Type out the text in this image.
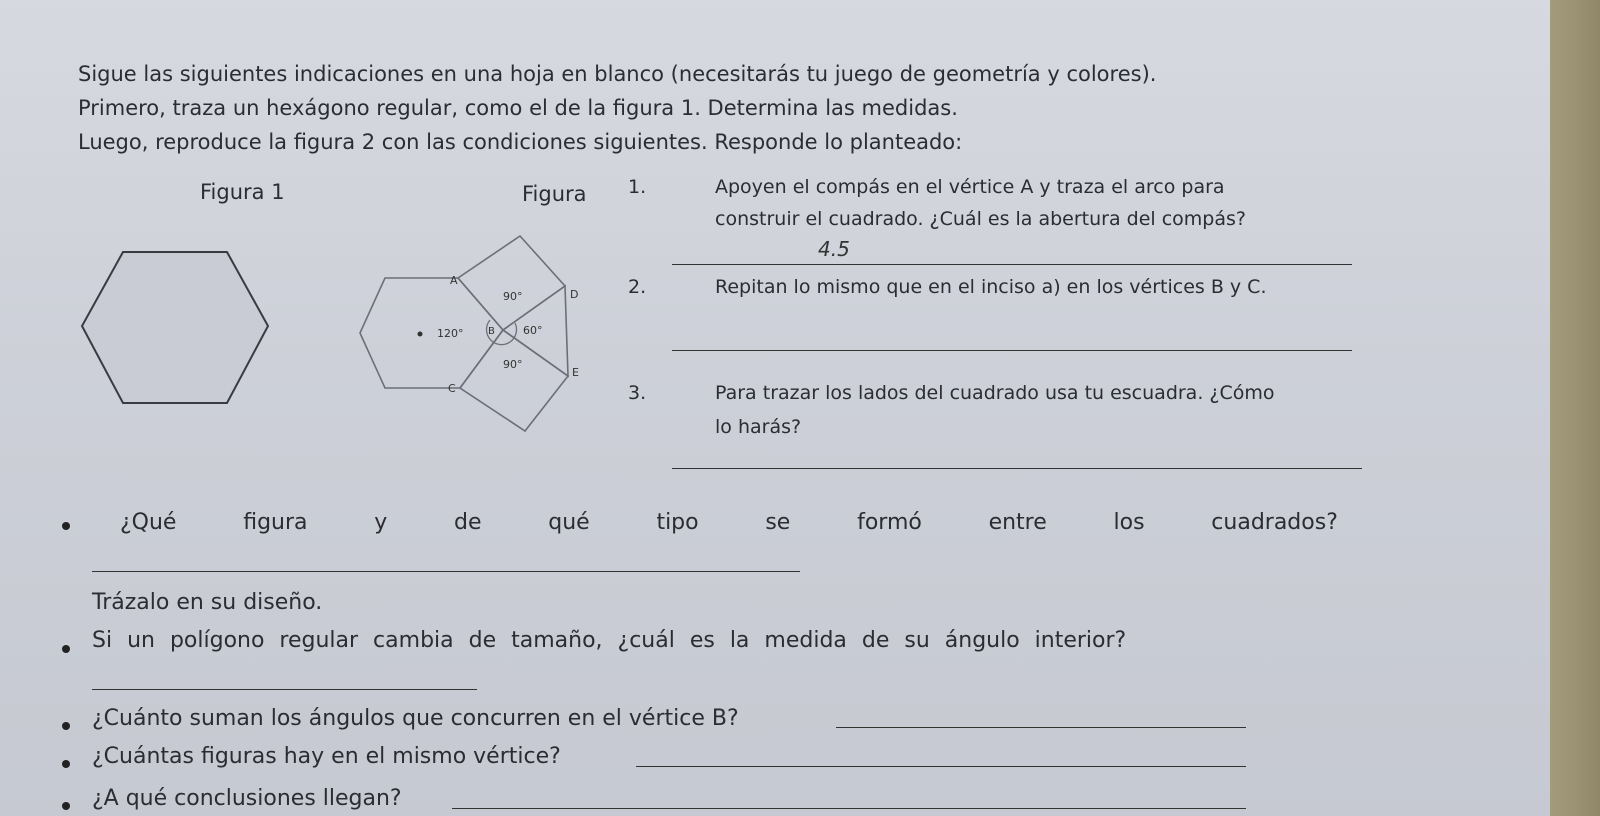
Sigue las siguientes indicaciones en una hoja en blanco (necesitarás tu juego de geometría y colores).
Primero, traza un hexágono regular, como el de la figura 1. Determina las medidas.
Luego, reproduce la figura 2 con las condiciones siguientes. Responde lo planteado:
Figura 1	Figura
A
90°	D
120° B	60°
90°
E
C
1.	Apoyen el compás en el vértice A y traza el arco para
construir el cuadrado. ¿Cuál es la abertura del compás?
4.5
2.	Repitan lo mismo que en el inciso a) en los vértices B y C.
3.	Para trazar los lados del cuadrado usa tu escuadra. ¿Cómo
lo harás?
¿Qué	figura	y	de	qué	tipo	se	formó	entre	los	cuadrados?
Trázalo en su diseño.
Si un polígono regular cambia de tamaño, ¿cuál es la medida de su ángulo interior?
¿Cuánto suman los ángulos que concurren en el vértice B?
¿Cuántas figuras hay en el mismo vértice?
¿A qué conclusiones llegan?
